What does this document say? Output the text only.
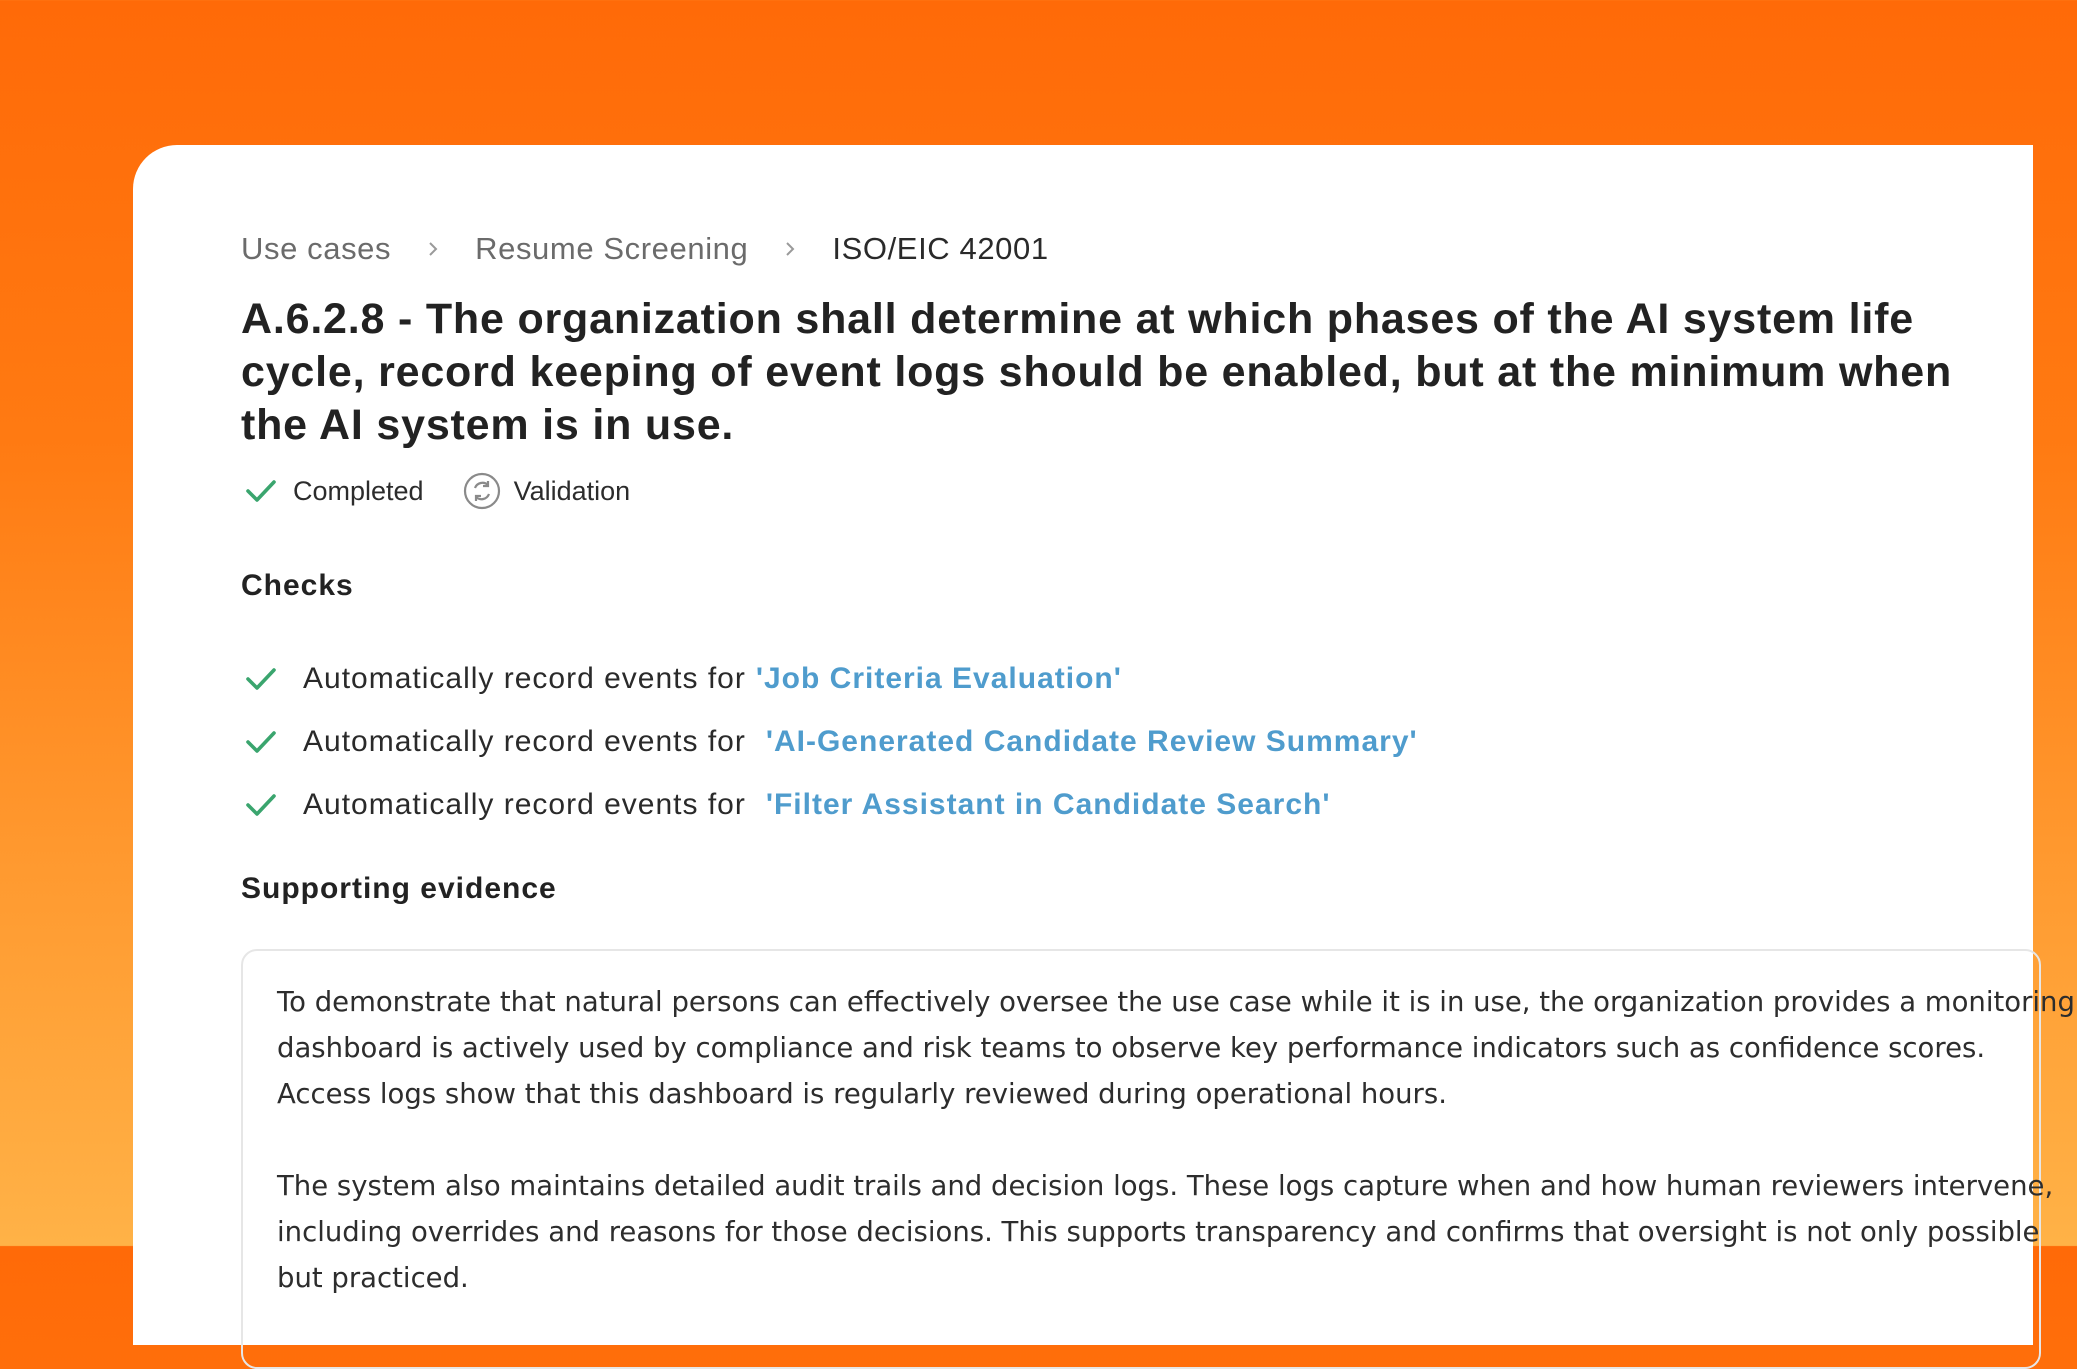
Use cases	Resume Screening	ISO/EIC 42001
A.6.2.8 - The organization shall determine at which phases of the AI system life cycle, record keeping of event logs should be enabled, but at the minimum when the AI system is in use.
Completed	Validation
Checks
Automatically record events for 'Job Criteria Evaluation'
Automatically record events for 'AI-Generated Candidate Review Summary'
Automatically record events for 'Filter Assistant in Candidate Search'
Supporting evidence

To demonstrate that natural persons can effectively oversee the use case while it is in use, the organization provides a monitoring dashboard is actively used by compliance and risk teams to observe key performance indicators such as confidence scores. Access logs show that this dashboard is regularly reviewed during operational hours.

The system also maintains detailed audit trails and decision logs. These logs capture when and how human reviewers intervene, including overrides and reasons for those decisions. This supports transparency and confirms that oversight is not only possible but practiced.
